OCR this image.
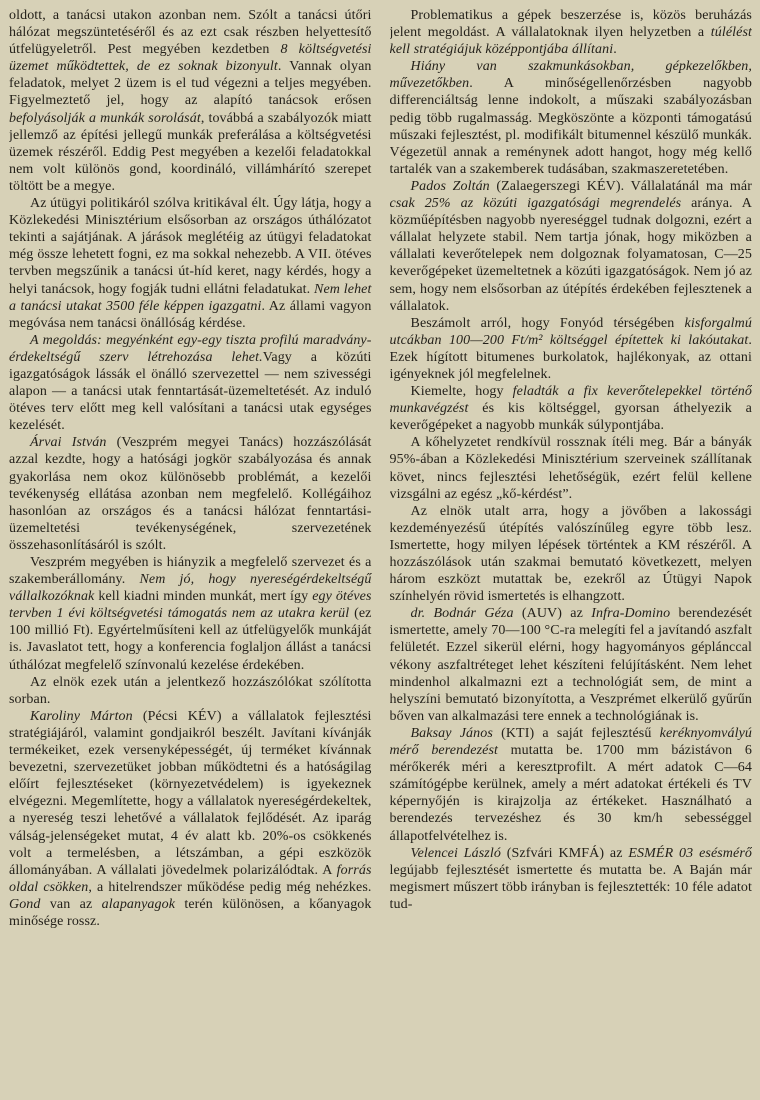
oldott, a tanácsi utakon azonban nem. Szólt a tanácsi útőri hálózat megszüntetéséről és az ezt csak részben helyettesítő útfelügyeletről. Pest megyében kezdetben 8 költségvetési üzemet működtettek, de ez soknak bizonyult. Vannak olyan feladatok, melyet 2 üzem is el tud végezni a teljes megyében. Figyelmeztető jel, hogy az alapító tanácsok erősen befolyásolják a munkák sorolását, továbbá a szabályozók miatt jellemző az építési jellegű munkák preferálása a költségvetési üzemek részéről. Eddig Pest megyében a kezelői feladatokkal nem volt különös gond, koordináló, villámhárító szerepet töltött be a megye.

Az útügyi politikáról szólva kritikával élt. Úgy látja, hogy a Közlekedési Minisztérium elsősorban az országos úthálózatot tekinti a sajátjának. A járások meglétéig az útügyi feladatokat még össze lehetett fogni, ez ma sokkal nehezebb. A VII. ötéves tervben megszűnik a tanácsi út-híd keret, nagy kérdés, hogy a helyi tanácsok, hogy fogják tudni ellátni feladatukat. Nem lehet a tanácsi utakat 3500 féle képpen igazgatni. Az állami vagyon megóvása nem tanácsi önállóság kérdése.

A megoldás: megyénként egy-egy tiszta profilú maradvány-érdekeltségű szerv létrehozása lehet.Vagy a közúti igazgatóságok lássák el önálló szervezettel — nem szivességi alapon — a tanácsi utak fenntartását-üzemeltetését. Az induló ötéves terv előtt meg kell valósítani a tanácsi utak egységes kezelését.

Árvai István (Veszprém megyei Tanács) hozzászólását azzal kezdte, hogy a hatósági jogkör szabályozása és annak gyakorlása nem okoz különösebb problémát, a kezelői tevékenység ellátása azonban nem megfelelő. Kollégáihoz hasonlóan az országos és a tanácsi hálózat fenntartási-üzemeltetési tevékenységének, szervezetének összehasonlításáról is szólt.

Veszprém megyében is hiányzik a megfelelő szervezet és a szakemberállomány. Nem jó, hogy nyereségérdekeltségű vállalkozóknak kell kiadni minden munkát, mert így egy ötéves tervben 1 évi költségvetési támogatás nem az utakra kerül (ez 100 millió Ft). Egyértelműsíteni kell az útfelügyelők munkáját is. Javaslatot tett, hogy a konferencia foglaljon állást a tanácsi úthálózat megfelelő színvonalú kezelése érdekében.

Az elnök ezek után a jelentkező hozzászólókat szólította sorban.

Karoliny Márton (Pécsi KÉV) a vállalatok fejlesztési stratégiájáról, valamint gondjaikról beszélt. Javítani kívánják termékeiket, ezek versenyképességét, új terméket kívánnak bevezetni, szervezetüket jobban működtetni és a hatóságilag előírt fejlesztéseket (környezetvédelem) is igyekeznek elvégezni. Megemlítette, hogy a vállalatok nyereségérdekeltek, a nyereség teszi lehetővé a vállalatok fejlődését. Az iparág válság-jelenségeket mutat, 4 év alatt kb. 20%-os csökkenés volt a termelésben, a létszámban, a gépi eszközök állományában. A vállalati jövedelmek polarizálódtak. A forrás oldal csökken, a hitelrendszer működése pedig még nehézkes. Gond van az alapanyagok terén különösen, a kőanyagok minősége rossz.

Problematikus a gépek beszerzése is, közös beruházás jelent megoldást. A vállalatoknak ilyen helyzetben a túlélést kell stratégiájuk középpontjába állítani.

Hiány van szakmunkásokban, gépkezelőkben, művezetőkben. A minőségellenőrzésben nagyobb differenciáltság lenne indokolt, a műszaki szabályozásban pedig több rugalmasság. Megköszönte a központi támogatású műszaki fejlesztést, pl. modifikált bitumennel készülő munkák. Végezetül annak a reménynek adott hangot, hogy még kellő tartalék van a szakemberek tudásában, szakmaszeretetében.

Pados Zoltán (Zalaegerszegi KÉV). Vállalatánál ma már csak 25% az közúti igazgatósági megrendelés aránya. A közműépítésben nagyobb nyereséggel tudnak dolgozni, ezért a vállalat helyzete stabil. Nem tartja jónak, hogy miközben a vállalati keverőtelepek nem dolgoznak folyamatosan, C—25 keverőgépeket üzemeltetnek a közúti igazgatóságok. Nem jó az sem, hogy nem elsősorban az útépítés érdekében fejlesztenek a vállalatok.

Beszámolt arról, hogy Fonyód térségében kisforgalmú utcákban 100—200 Ft/m² költséggel építettek ki lakóutakat. Ezek hígított bitumenes burkolatok, hajlékonyak, az ottani igényeknek jól megfelelnek.

Kiemelte, hogy feladták a fix keverőtelepekkel történő munkavégzést és kis költséggel, gyorsan áthelyezik a keverőgépeket a nagyobb munkák súlypontjába.

A kőhelyzetet rendkívül rossznak ítéli meg. Bár a bányák 95%-ában a Közlekedési Minisztérium szerveinek szállítanak követ, nincs fejlesztési lehetőségük, ezért felül kellene vizsgálni az egész „kő-kérdést”.

Az elnök utalt arra, hogy a jövőben a lakossági kezdeményezésű útépítés valószínűleg egyre több lesz. Ismertette, hogy milyen lépések történtek a KM részéről. A hozzászólások után szakmai bemutató következett, melyen három eszközt mutattak be, ezekről az Útügyi Napok színhelyén rövid ismertetés is elhangzott.

dr. Bodnár Géza (AUV) az Infra-Domino berendezését ismertette, amely 70—100 °C-ra melegíti fel a javítandó aszfalt felületét. Ezzel sikerül elérni, hogy hagyományos géplánccal vékony aszfaltréteget lehet készíteni felújításként. Nem lehet mindenhol alkalmazni ezt a technológiát sem, de mint a helyszíni bemutató bizonyította, a Veszprémet elkerülő gyűrűn bőven van alkalmazási tere ennek a technológiának is.

Baksay János (KTI) a saját fejlesztésű keréknyomvályú mérő berendezést mutatta be. 1700 mm bázistávon 6 mérőkerék méri a keresztprofilt. A mért adatok C—64 számítógépbe kerülnek, amely a mért adatokat értékeli és TV képernyőjén is kirajzolja az értékeket. Használható a berendezés tervezéshez és 30 km/h sebességgel állapotfelvételhez is.

Velencei László (Szfvári KMFÁ) az ESMÉR 03 esésmérő legújabb fejlesztését ismertette és mutatta be. A Baján már megismert műszert több irányban is fejlesztették: 10 féle adatot tud-
